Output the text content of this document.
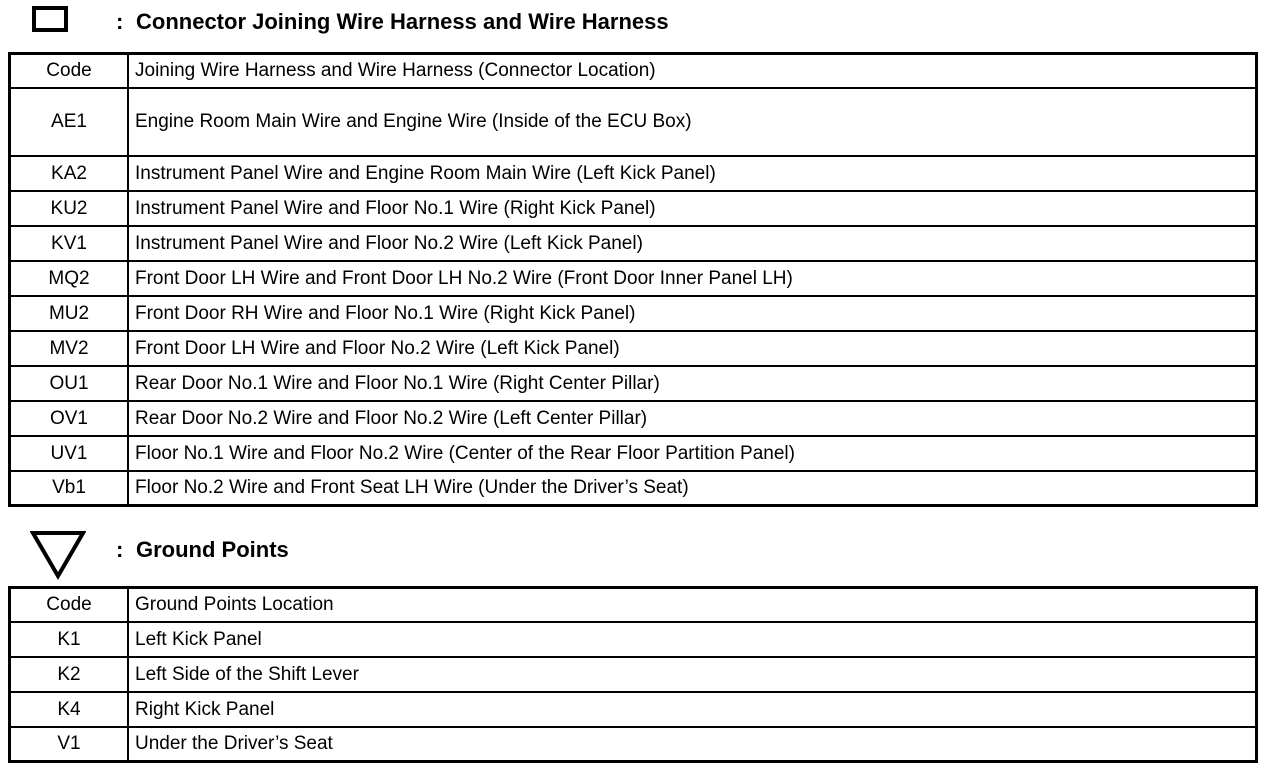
: Connector Joining Wire Harness and Wire Harness
Code	Joining Wire Harness and Wire Harness (Connector Location)
AE1	Engine Room Main Wire and Engine Wire (Inside of the ECU Box)
KA2	Instrument Panel Wire and Engine Room Main Wire (Left Kick Panel)
KU2	Instrument Panel Wire and Floor No.1 Wire (Right Kick Panel)
KV1	Instrument Panel Wire and Floor No.2 Wire (Left Kick Panel)
MQ2	Front Door LH Wire and Front Door LH No.2 Wire (Front Door Inner Panel LH)
MU2	Front Door RH Wire and Floor No.1 Wire (Right Kick Panel)
MV2	Front Door LH Wire and Floor No.2 Wire (Left Kick Panel)
OU1	Rear Door No.1 Wire and Floor No.1 Wire (Right Center Pillar)
OV1	Rear Door No.2 Wire and Floor No.2 Wire (Left Center Pillar)
UV1	Floor No.1 Wire and Floor No.2 Wire (Center of the Rear Floor Partition Panel)
Vb1	Floor No.2 Wire and Front Seat LH Wire (Under the Driver’s Seat)
: Ground Points
Code	Ground Points Location
K1	Left Kick Panel
K2	Left Side of the Shift Lever
K4	Right Kick Panel
V1	Under the Driver’s Seat
